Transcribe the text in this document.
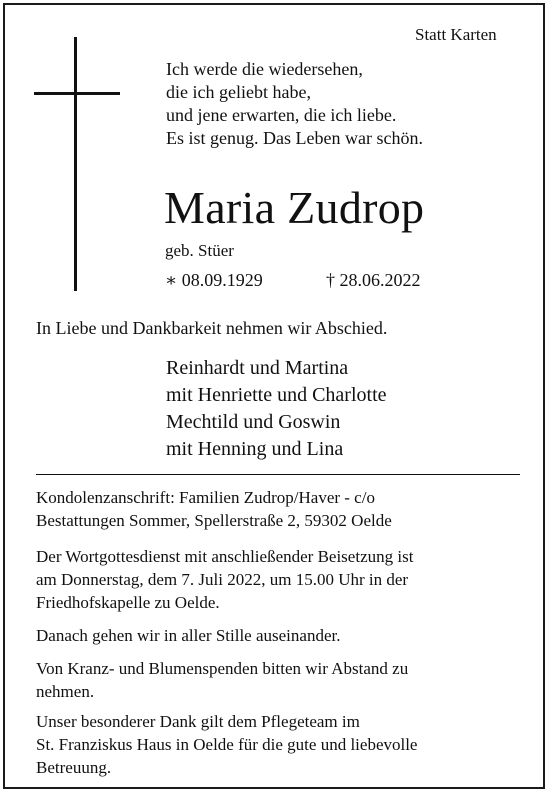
Statt Karten
Ich werde die wiedersehen,
die ich geliebt habe,
und jene erwarten, die ich liebe.
Es ist genug. Das Leben war schön.
Maria Zudrop
geb. Stüer
∗ 08.09.1929	† 28.06.2022
In Liebe und Dankbarkeit nehmen wir Abschied.
Reinhardt und Martina
mit Henriette und Charlotte
Mechtild und Goswin
mit Henning und Lina
Kondolenzanschrift: Familien Zudrop/Haver - c/o
Bestattungen Sommer, Spellerstraße 2, 59302 Oelde
Der Wortgottesdienst mit anschließender Beisetzung ist
am Donnerstag, dem 7. Juli 2022, um 15.00 Uhr in der
Friedhofskapelle zu Oelde.
Danach gehen wir in aller Stille auseinander.
Von Kranz- und Blumenspenden bitten wir Abstand zu
nehmen.
Unser besonderer Dank gilt dem Pflegeteam im
St. Franziskus Haus in Oelde für die gute und liebevolle
Betreuung.
